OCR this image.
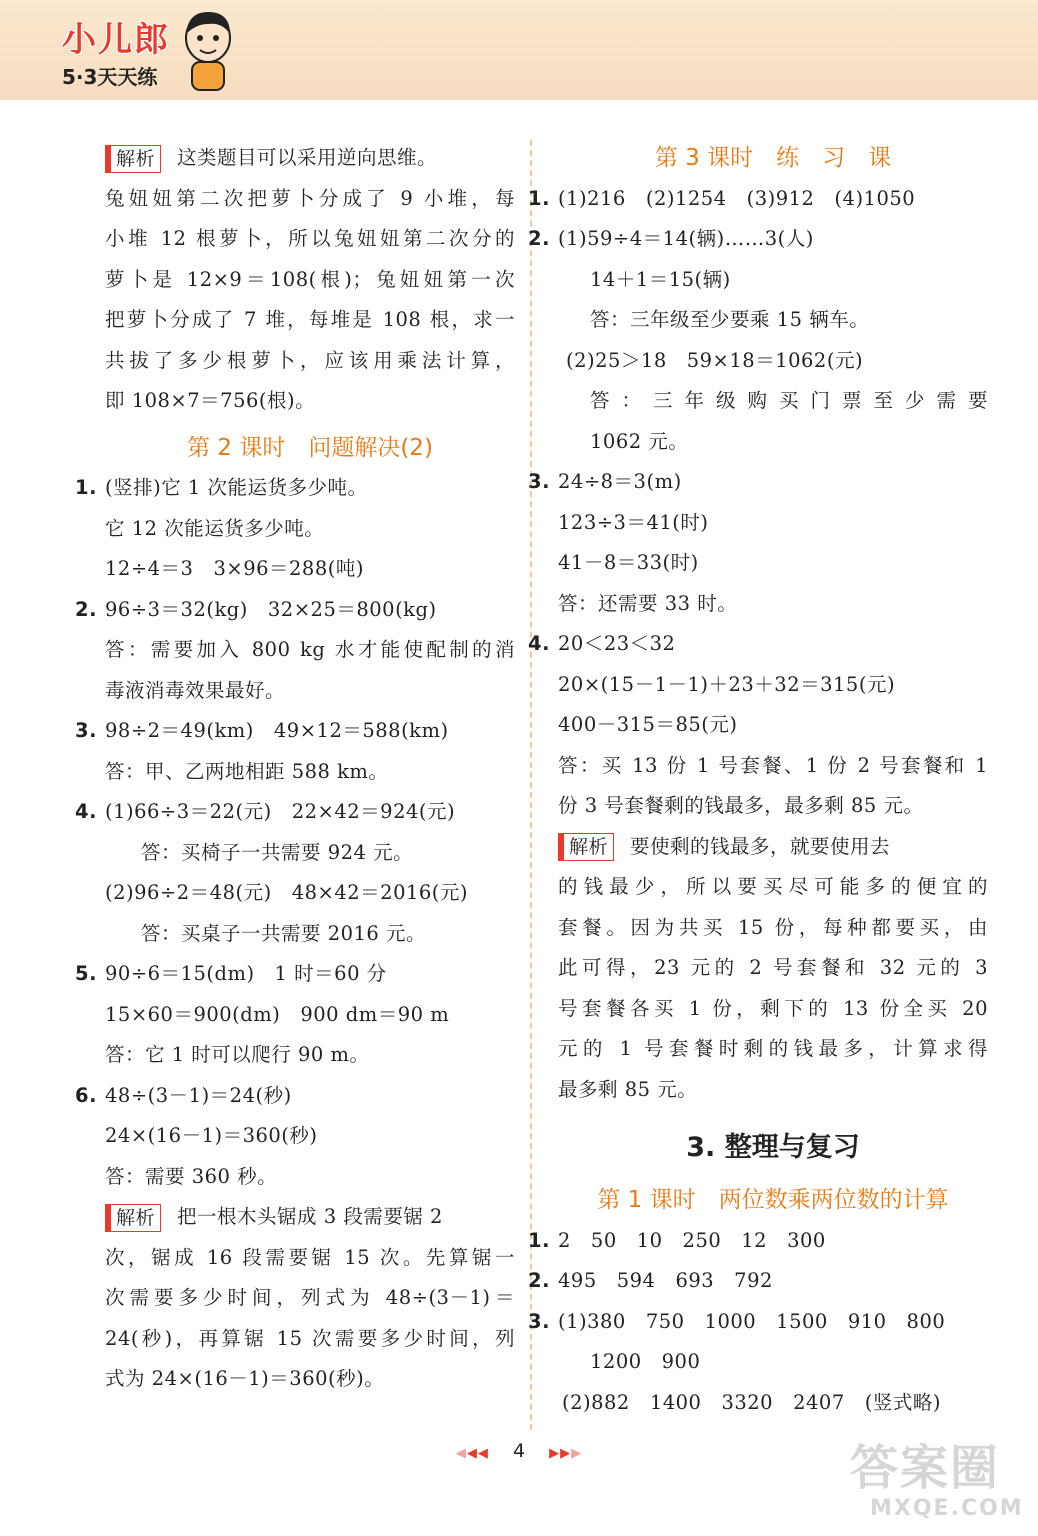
小儿郎
5·3天天练
解析 这类题目可以采用逆向思维。
兔妞妞第二次把萝卜分成了 9 小堆，每
小堆 12 根萝卜，所以兔妞妞第二次分的
萝卜是 12×9＝108(根)；兔妞妞第一次
把萝卜分成了 7 堆，每堆是 108 根，求一
共拔了多少根萝卜，应该用乘法计算，
即 108×7＝756(根)。
第 2 课时　问题解决(2)
1. (竖排)它 1 次能运货多少吨。
它 12 次能运货多少吨。
12÷4＝3　3×96＝288(吨)
2. 96÷3＝32(kg)　32×25＝800(kg)
答：需要加入 800 kg 水才能使配制的消
毒液消毒效果最好。
3. 98÷2＝49(km)　49×12＝588(km)
答：甲、乙两地相距 588 km。
4. (1)66÷3＝22(元)　22×42＝924(元)
答：买椅子一共需要 924 元。
(2)96÷2＝48(元)　48×42＝2016(元)
答：买桌子一共需要 2016 元。
5. 90÷6＝15(dm)　1 时＝60 分
15×60＝900(dm)　900 dm＝90 m
答：它 1 时可以爬行 90 m。
6. 48÷(3－1)＝24(秒)
24×(16－1)＝360(秒)
答：需要 360 秒。
解析 把一根木头锯成 3 段需要锯 2
次，锯成 16 段需要锯 15 次。先算锯一
次需要多少时间，列式为 48÷(3－1)＝
24(秒)，再算锯 15 次需要多少时间，列
式为 24×(16－1)＝360(秒)。
第 3 课时　练　习　课
1. (1)216　(2)1254　(3)912　(4)1050
2. (1)59÷4＝14(辆)……3(人)
14＋1＝15(辆)
答：三年级至少要乘 15 辆车。
(2)25＞18　59×18＝1062(元)
答：三年级购买门票至少需要
1062 元。
3. 24÷8＝3(m)
123÷3＝41(时)
41－8＝33(时)
答：还需要 33 时。
4. 20＜23＜32
20×(15－1－1)＋23＋32＝315(元)
400－315＝85(元)
答：买 13 份 1 号套餐、1 份 2 号套餐和 1
份 3 号套餐剩的钱最多，最多剩 85 元。
解析 要使剩的钱最多，就要使用去
的钱最少，所以要买尽可能多的便宜的
套餐。因为共买 15 份，每种都要买，由
此可得，23 元的 2 号套餐和 32 元的 3
号套餐各买 1 份，剩下的 13 份全买 20
元的 1 号套餐时剩的钱最多，计算求得
最多剩 85 元。
3. 整理与复习
第 1 课时　两位数乘两位数的计算
1. 2　50　10　250　12　300
2. 495　594　693　792
3. (1)380　750　1000　1500　910　800
1200　900
(2)882　1400　3320　2407　(竖式略)
◀◀◀ 4 ▶▶▶	答案圈
MXQE.COM
